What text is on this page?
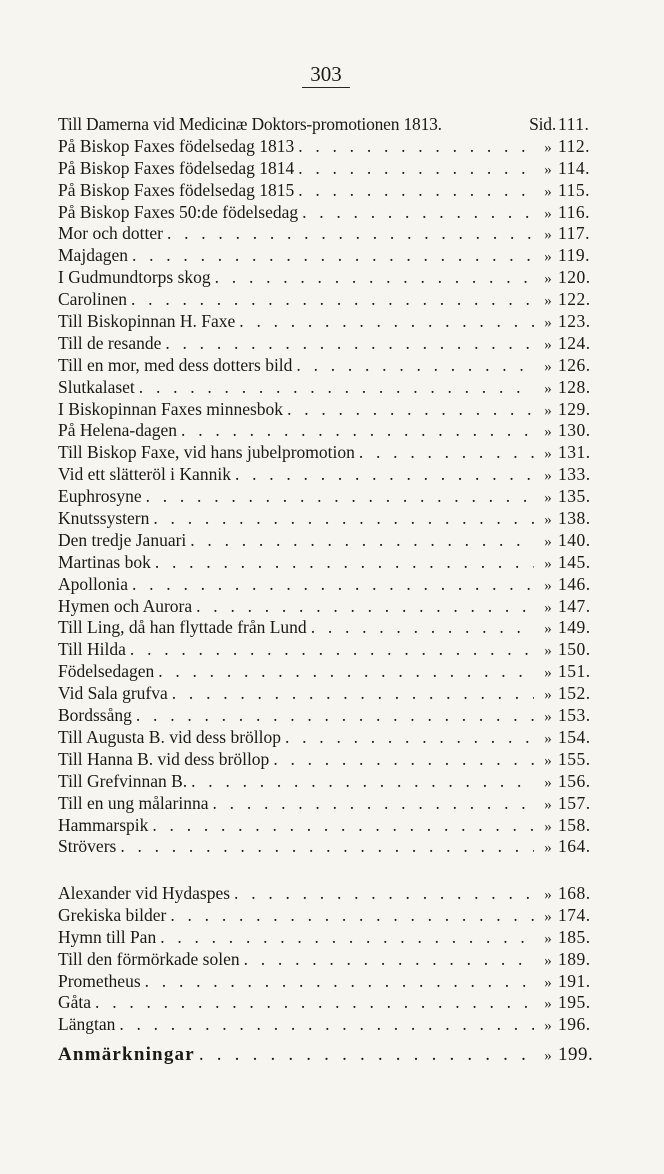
303
Till Damerna vid Medicinæ Doktors-promotionen 1813.	Sid. 111.
På Biskop Faxes födelsedag 1813 . . .	» 112.
På Biskop Faxes födelsedag 1814 . . .	» 114.
På Biskop Faxes födelsedag 1815 . . .	» 115.
På Biskop Faxes 50:de födelsedag . . .	» 116.
Mor och dotter . . .	» 117.
Majdagen . . .	» 119.
I Gudmundtorps skog . . .	» 120.
Carolinen . . .	» 122.
Till Biskopinnan H. Faxe . . .	» 123.
Till de resande . . .	» 124.
Till en mor, med dess dotters bild . . .	» 126.
Slutkalaset . . .	» 128.
I Biskopinnan Faxes minnesbok . . .	» 129.
På Helena-dagen . . .	» 130.
Till Biskop Faxe, vid hans jubelpromotion . . .	» 131.
Vid ett slätteröl i Kannik . . .	» 133.
Euphrosyne . . .	» 135.
Knutssystern . . .	» 138.
Den tredje Januari . . .	» 140.
Martinas bok . . .	» 145.
Apollonia . . .	» 146.
Hymen och Aurora . . .	» 147.
Till Ling, då han flyttade från Lund . . .	» 149.
Till Hilda . . .	» 150.
Födelsedagen . . .	» 151.
Vid Sala grufva . . .	» 152.
Bordssång . . .	» 153.
Till Augusta B. vid dess bröllop . . .	» 154.
Till Hanna B. vid dess bröllop . . .	» 155.
Till Grefvinnan B. . . .	» 156.
Till en ung målarinna . . .	» 157.
Hammarspik . . .	» 158.
Strövers . . .	» 164.
Alexander vid Hydaspes . . .	» 168.
Grekiska bilder . . .	» 174.
Hymn till Pan . . .	» 185.
Till den förmörkade solen . . .	» 189.
Prometheus . . .	» 191.
Gåta . . .	» 195.
Längtan . . .	» 196.
Anmärkningar . . .	» 199.
